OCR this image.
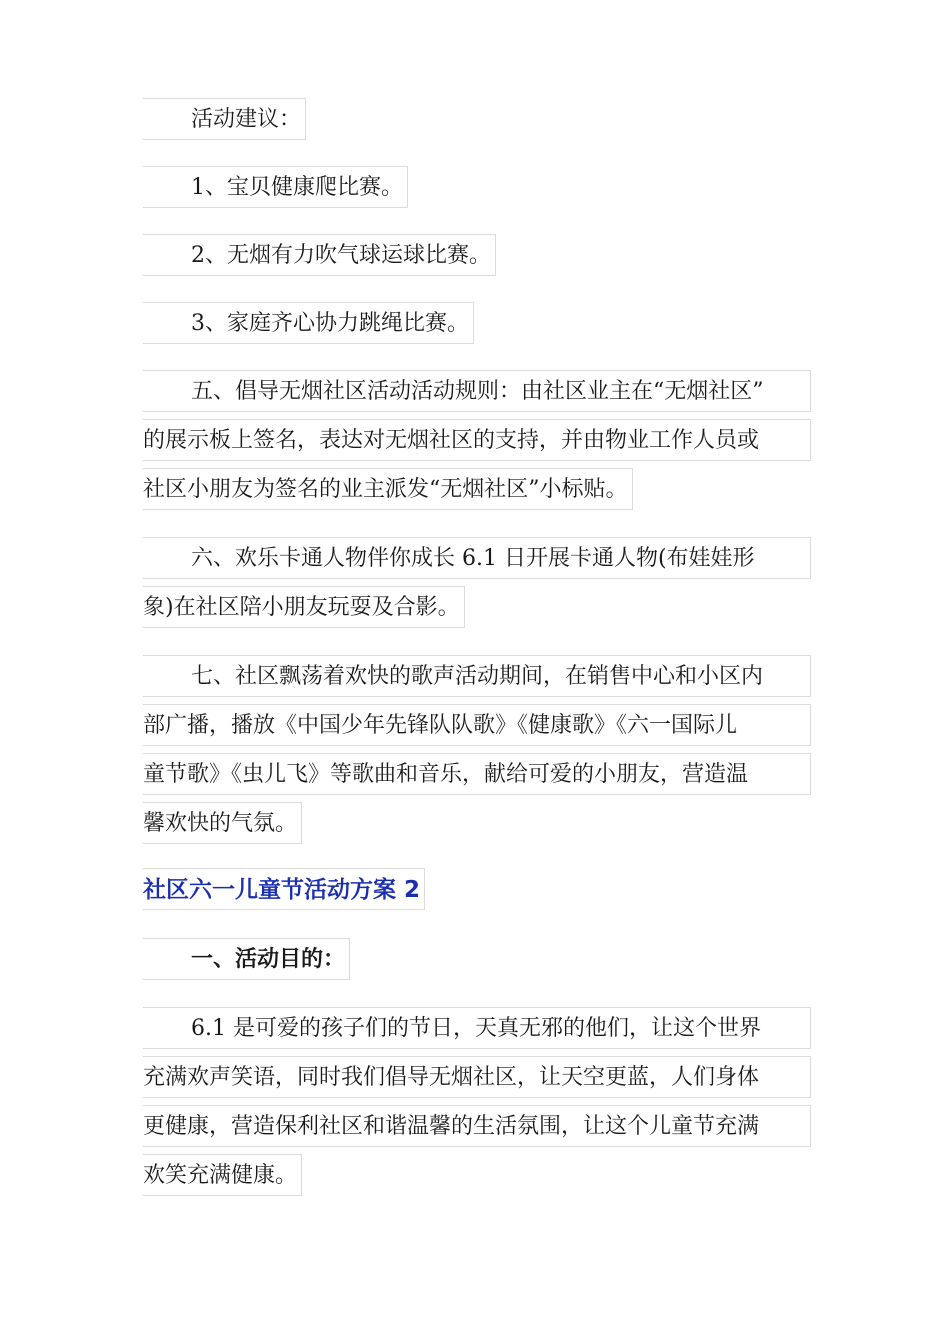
活动建议：
1、宝贝健康爬比赛。
2、无烟有力吹气球运球比赛。
3、家庭齐心协力跳绳比赛。
五、倡导无烟社区活动活动规则：由社区业主在“无烟社区”
的展示板上签名，表达对无烟社区的支持，并由物业工作人员或
社区小朋友为签名的业主派发“无烟社区”小标贴。
六、欢乐卡通人物伴你成长 6.1 日开展卡通人物(布娃娃形
象)在社区陪小朋友玩耍及合影。
七、社区飘荡着欢快的歌声活动期间，在销售中心和小区内
部广播，播放《中国少年先锋队队歌》《健康歌》《六一国际儿
童节歌》《虫儿飞》等歌曲和音乐，献给可爱的小朋友，营造温
馨欢快的气氛。
社区六一儿童节活动方案 2
一、活动目的：
6.1 是可爱的孩子们的节日，天真无邪的他们，让这个世界
充满欢声笑语，同时我们倡导无烟社区，让天空更蓝，人们身体
更健康，营造保利社区和谐温馨的生活氛围，让这个儿童节充满
欢笑充满健康。
